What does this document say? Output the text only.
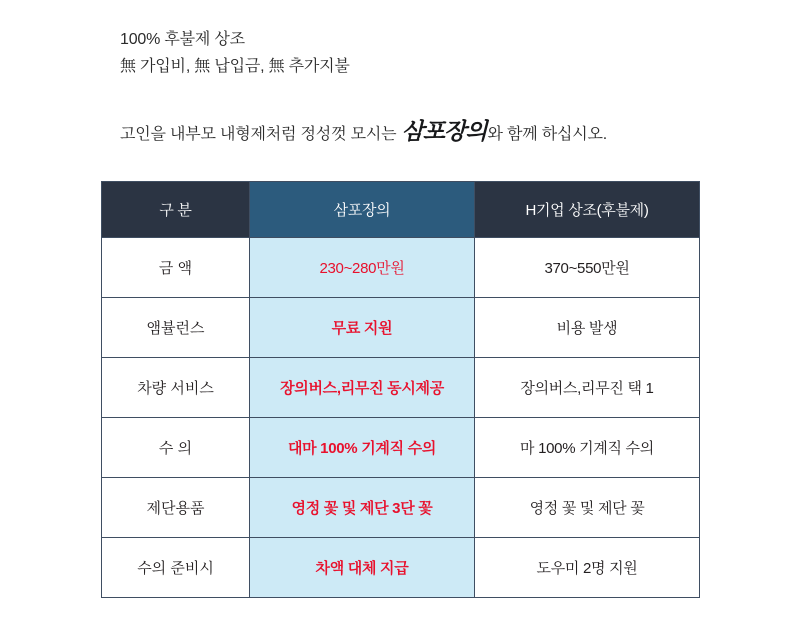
100% 후불제 상조
無 가입비, 無 납입금, 無 추가지불
고인을 내부모 내형제처럼 정성껏 모시는 삼포장의와 함께 하십시오.
구 분	삼포장의	H기업 상조(후불제)
금 액	230~280만원	370~550만원
앰뷸런스	무료 지원	비용 발생
차량 서비스	장의버스,리무진 동시제공	장의버스,리무진 택 1
수 의	대마 100% 기계직 수의	마 100% 기계직 수의
제단용품	영정 꽃 및 제단 3단 꽃	영정 꽃 및 제단 꽃
수의 준비시	차액 대체 지급	도우미 2명 지원
